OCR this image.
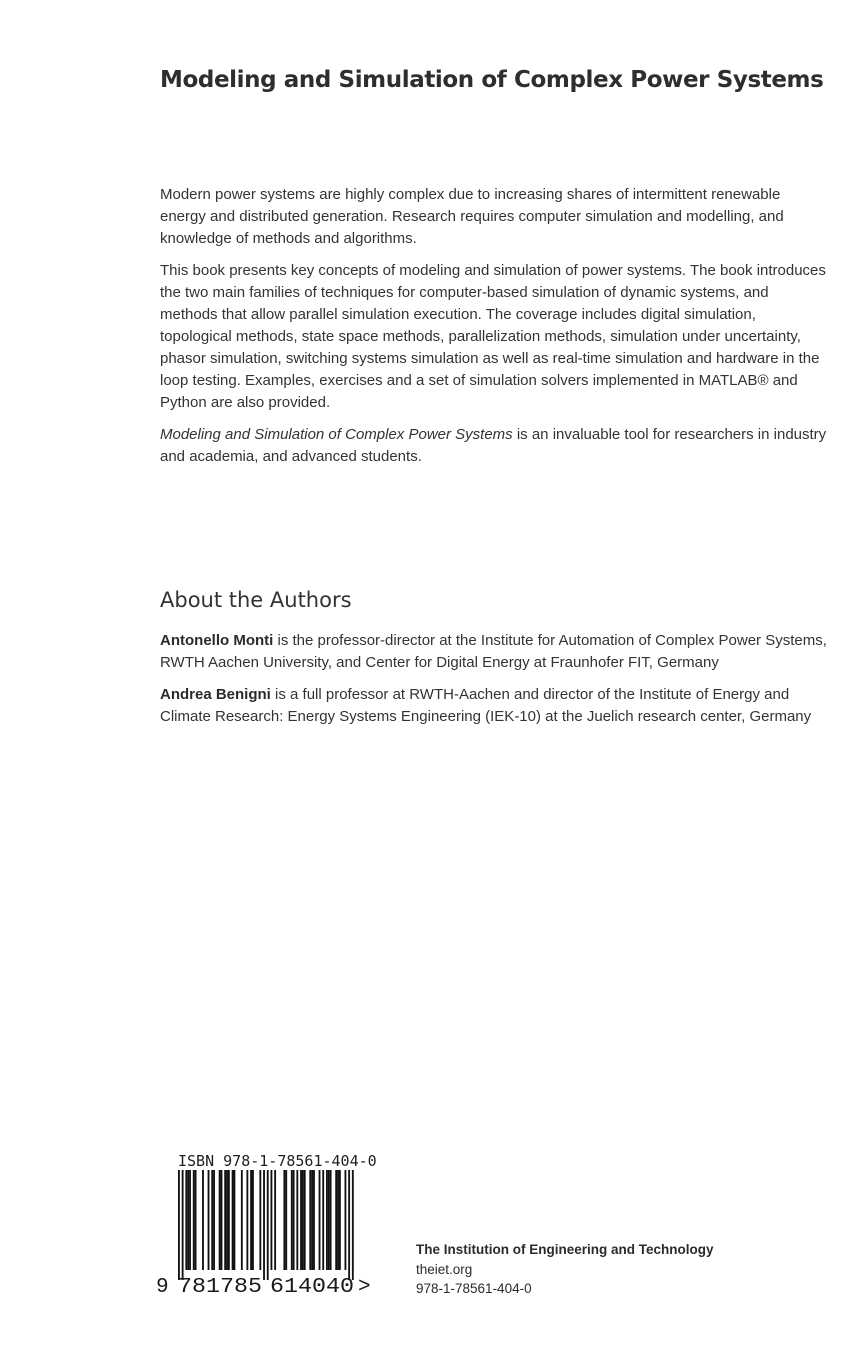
Modeling and Simulation of Complex Power Systems

Modern power systems are highly complex due to increasing shares of intermittent renewable energy and distributed generation. Research requires computer simulation and modelling, and knowledge of methods and algorithms.

This book presents key concepts of modeling and simulation of power systems. The book introduces the two main families of techniques for computer-based simulation of dynamic systems, and methods that allow parallel simulation execution. The coverage includes digital simulation, topological methods, state space methods, parallelization methods, simulation under uncertainty, phasor simulation, switching systems simulation as well as real-time simulation and hardware in the loop testing. Examples, exercises and a set of simulation solvers implemented in MATLAB® and Python are also provided.

Modeling and Simulation of Complex Power Systems is an invaluable tool for researchers in industry and academia, and advanced students.

About the Authors

Antonello Monti is the professor-director at the Institute for Automation of Complex Power Systems, RWTH Aachen University, and Center for Digital Energy at Fraunhofer FIT, Germany

Andrea Benigni is a full professor at RWTH-Aachen and director of the Institute of Energy and Climate Research: Energy Systems Engineering (IEK-10) at the Juelich research center, Germany

ISBN 978-1-78561-404-0
9 781785 614040 >
The Institution of Engineering and Technology
theiet.org
978-1-78561-404-0
